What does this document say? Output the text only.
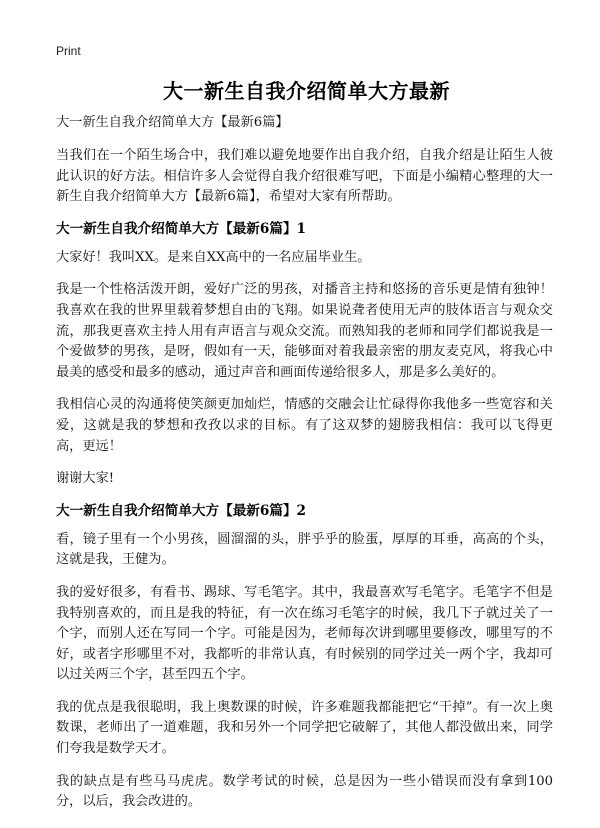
Print
大一新生自我介绍简单大方最新
大一新生自我介绍简单大方【最新6篇】

当我们在一个陌生场合中，我们难以避免地要作出自我介绍，自我介绍是让陌生人彼此认识的好方法。相信许多人会觉得自我介绍很难写吧，下面是小编精心整理的大一新生自我介绍简单大方【最新6篇】，希望对大家有所帮助。

大一新生自我介绍简单大方【最新6篇】1

大家好！我叫XX。是来自XX高中的一名应届毕业生。

我是一个性格活泼开朗，爱好广泛的男孩，对播音主持和悠扬的音乐更是情有独钟！我喜欢在我的世界里载着梦想自由的飞翔。如果说聋者使用无声的肢体语言与观众交流，那我更喜欢主持人用有声语言与观众交流。而熟知我的老师和同学们都说我是一个爱做梦的男孩，是呀，假如有一天，能够面对着我最亲密的朋友麦克风，将我心中最美的感受和最多的感动，通过声音和画面传递给很多人，那是多么美好的。

我相信心灵的沟通将使笑颜更加灿烂，情感的交融会让忙碌得你我他多一些宽容和关爱，这就是我的梦想和孜孜以求的目标。有了这双梦的翅膀我相信：我可以飞得更高，更远！

谢谢大家!

大一新生自我介绍简单大方【最新6篇】2

看，镜子里有一个小男孩，圆溜溜的头，胖乎乎的脸蛋，厚厚的耳垂，高高的个头，这就是我，王健为。

我的爱好很多，有看书、踢球、写毛笔字。其中，我最喜欢写毛笔字。毛笔字不但是我特别喜欢的，而且是我的特征，有一次在练习毛笔字的时候，我几下子就过关了一个字，而别人还在写同一个字。可能是因为，老师每次讲到哪里要修改，哪里写的不好，或者字形哪里不对，我都听的非常认真，有时候别的同学过关一两个字，我却可以过关两三个字，甚至四五个字。

我的优点是我很聪明，我上奥数课的时候，许多难题我都能把它“干掉”。有一次上奥数课，老师出了一道难题，我和另外一个同学把它破解了，其他人都没做出来，同学们夸我是数学天才。

我的缺点是有些马马虎虎。数学考试的时候，总是因为一些小错误而没有拿到100分，以后，我会改进的。
